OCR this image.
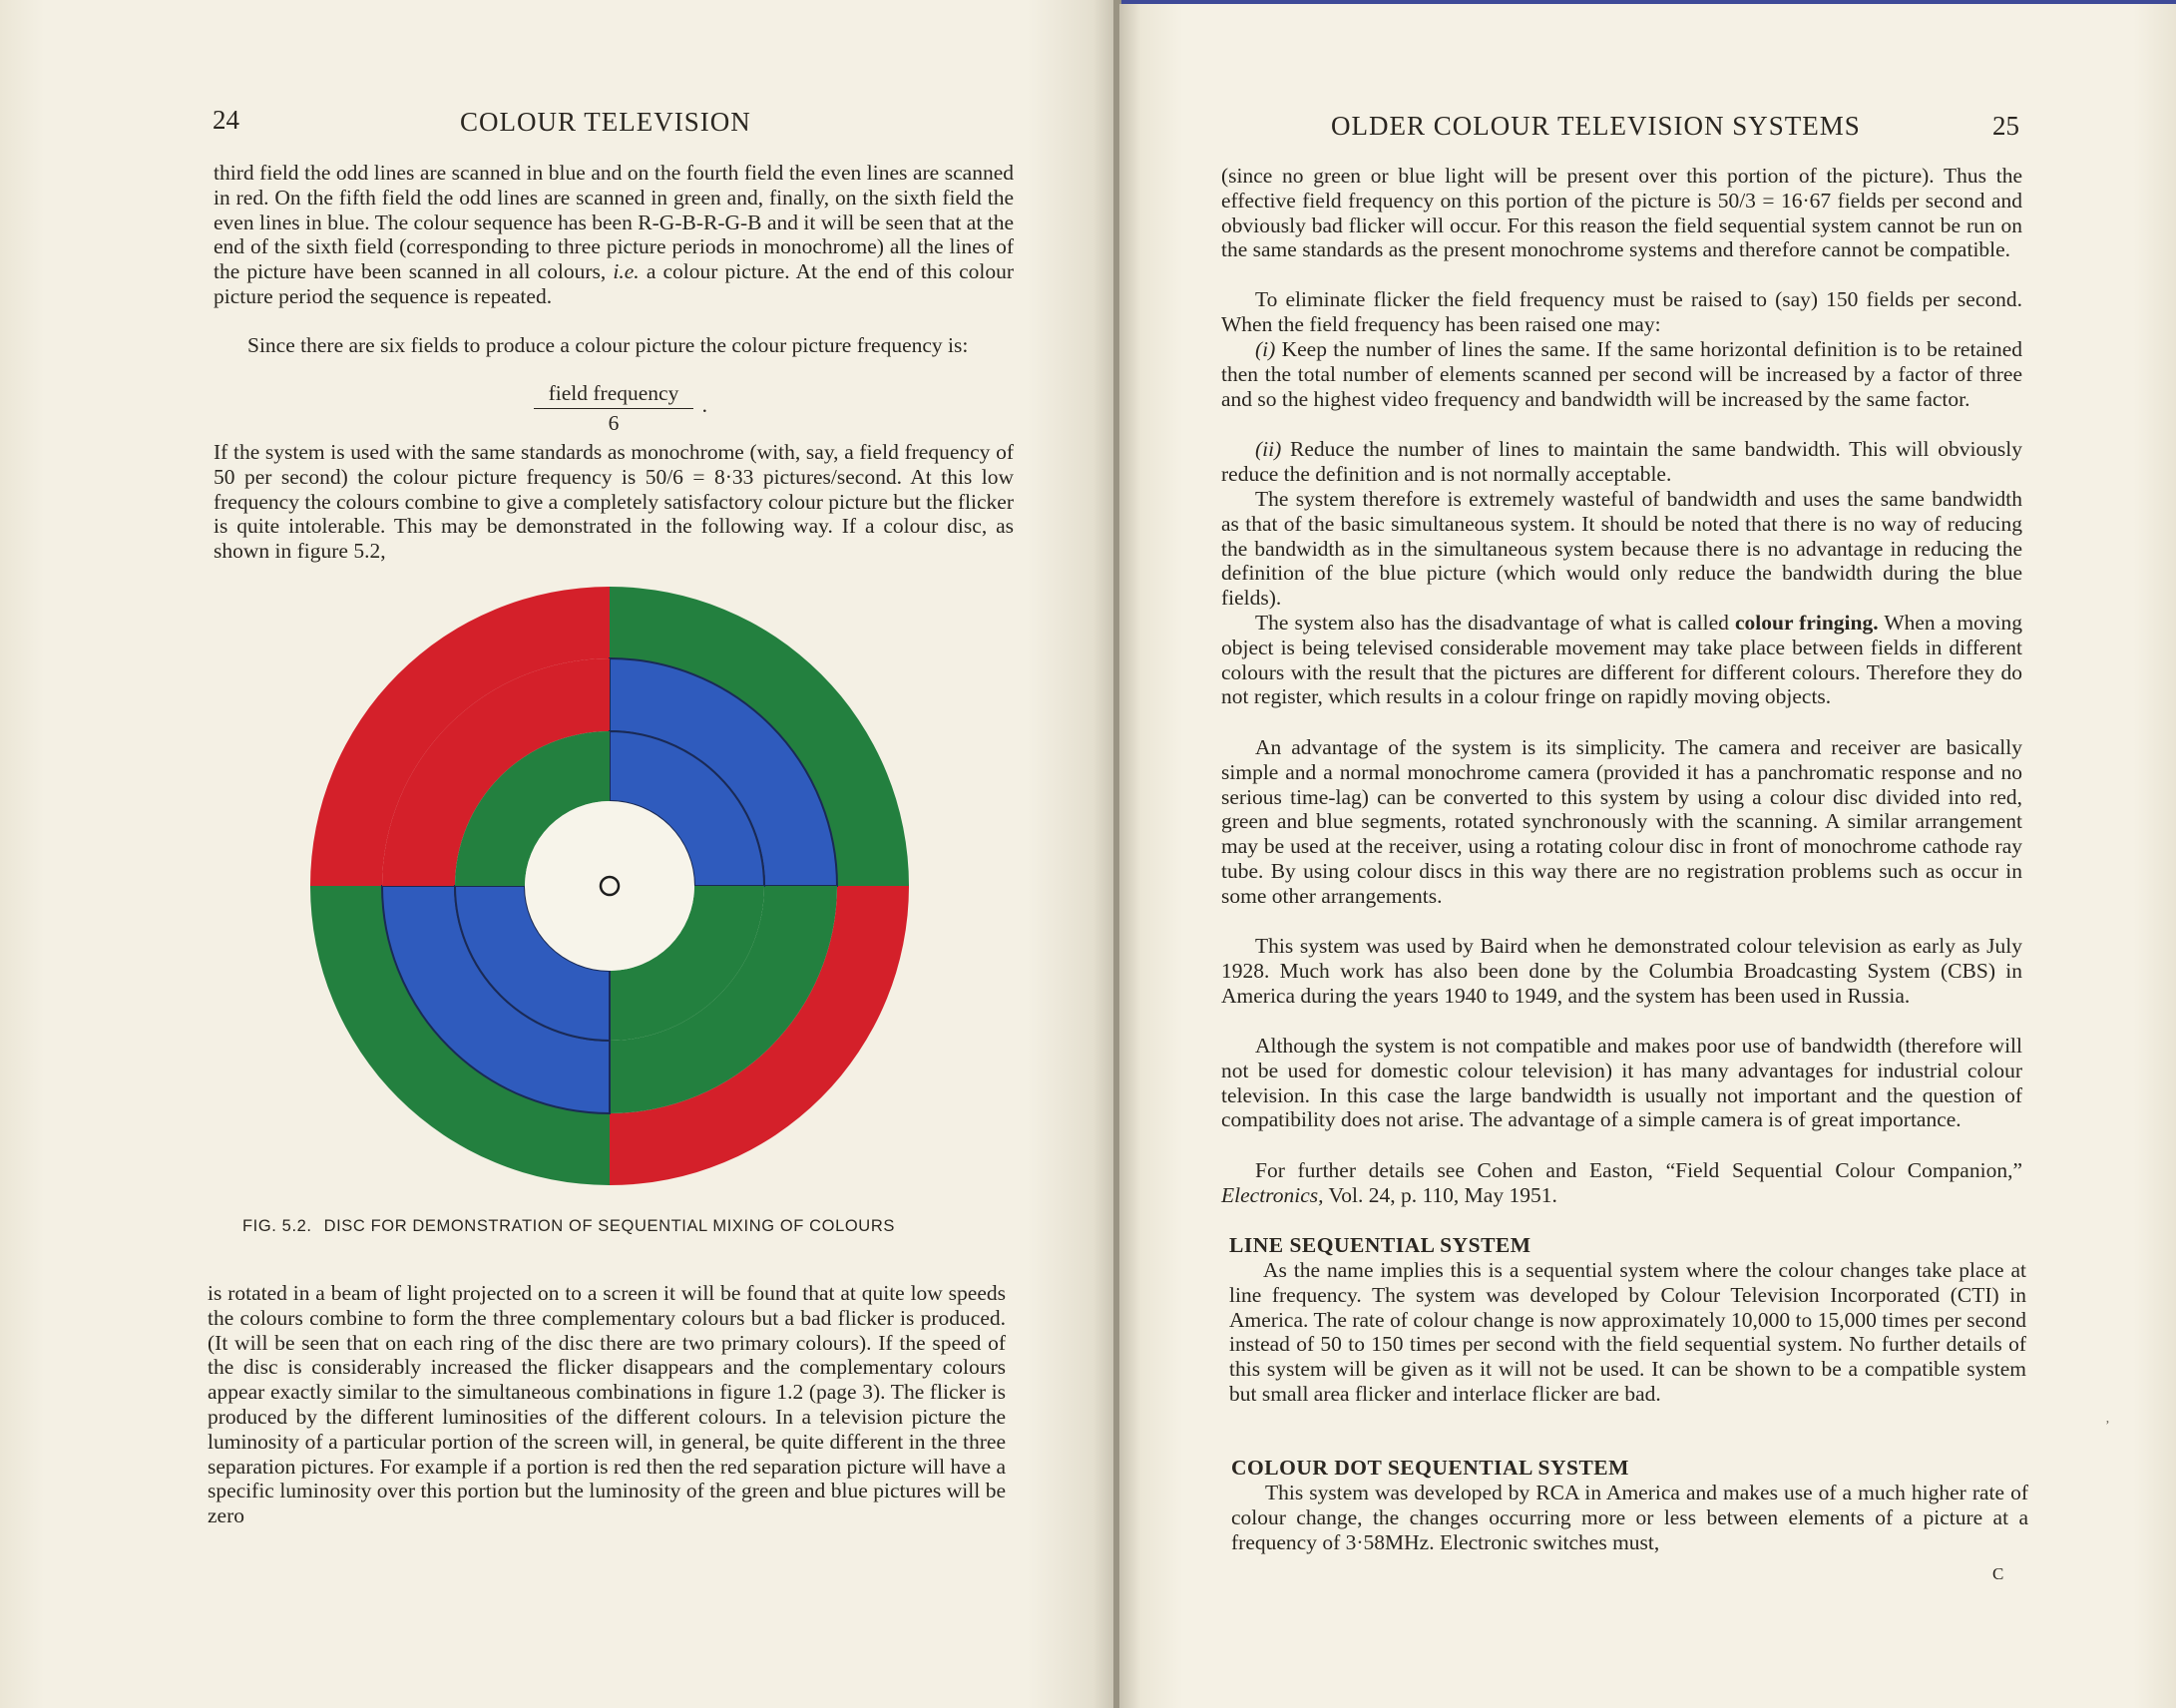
24	COLOUR TELEVISION

third field the odd lines are scanned in blue and on the fourth field the even lines are scanned in red. On the fifth field the odd lines are scanned in green and, finally, on the sixth field the even lines in blue. The colour sequence has been R-G-B-R-G-B and it will be seen that at the end of the sixth field (corresponding to three picture periods in monochrome) all the lines of the picture have been scanned in all colours, i.e. a colour picture. At the end of this colour picture period the sequence is repeated.

Since there are six fields to produce a colour picture the colour picture frequency is:

field frequency
6
.

If the system is used with the same standards as monochrome (with, say, a field frequency of 50 per second) the colour picture frequency is 50/6 = 8·33 pictures/second. At this low frequency the colours combine to give a completely satisfactory colour picture but the flicker is quite intolerable. This may be demonstrated in the following way. If a colour disc, as shown in figure 5.2,

FIG. 5.2. DISC FOR DEMONSTRATION OF SEQUENTIAL MIXING OF COLOURS

is rotated in a beam of light projected on to a screen it will be found that at quite low speeds the colours combine to form the three complementary colours but a bad flicker is produced. (It will be seen that on each ring of the disc there are two primary colours). If the speed of the disc is considerably increased the flicker disappears and the complementary colours appear exactly similar to the simultaneous combinations in figure 1.2 (page 3). The flicker is produced by the different luminosities of the different colours. In a television picture the luminosity of a particular portion of the screen will, in general, be quite different in the three separation pictures. For example if a portion is red then the red separation picture will have a specific luminosity over this portion but the luminosity of the green and blue pictures will be zero

OLDER COLOUR TELEVISION SYSTEMS	25

(since no green or blue light will be present over this portion of the picture). Thus the effective field frequency on this portion of the picture is 50/3 = 16·67 fields per second and obviously bad flicker will occur. For this reason the field sequential system cannot be run on the same standards as the present monochrome systems and therefore cannot be compatible.

To eliminate flicker the field frequency must be raised to (say) 150 fields per second. When the field frequency has been raised one may:

(i) Keep the number of lines the same. If the same horizontal definition is to be retained then the total number of elements scanned per second will be increased by a factor of three and so the highest video frequency and bandwidth will be increased by the same factor.

(ii) Reduce the number of lines to maintain the same bandwidth. This will obviously reduce the definition and is not normally acceptable.

The system therefore is extremely wasteful of bandwidth and uses the same bandwidth as that of the basic simultaneous system. It should be noted that there is no way of reducing the bandwidth as in the simultaneous system because there is no advantage in reducing the definition of the blue picture (which would only reduce the bandwidth during the blue fields).

The system also has the disadvantage of what is called colour fringing. When a moving object is being televised considerable movement may take place between fields in different colours with the result that the pictures are different for different colours. Therefore they do not register, which results in a colour fringe on rapidly moving objects.

An advantage of the system is its simplicity. The camera and receiver are basically simple and a normal monochrome camera (provided it has a panchromatic response and no serious time-lag) can be converted to this system by using a colour disc divided into red, green and blue segments, rotated synchronously with the scanning. A similar arrangement may be used at the receiver, using a rotating colour disc in front of monochrome cathode ray tube. By using colour discs in this way there are no registration problems such as occur in some other arrangements.

This system was used by Baird when he demonstrated colour television as early as July 1928. Much work has also been done by the Columbia Broadcasting System (CBS) in America during the years 1940 to 1949, and the system has been used in Russia.

Although the system is not compatible and makes poor use of bandwidth (therefore will not be used for domestic colour television) it has many advantages for industrial colour television. In this case the large bandwidth is usually not important and the question of compatibility does not arise. The advantage of a simple camera is of great importance.

For further details see Cohen and Easton, “Field Sequential Colour Companion,” Electronics, Vol. 24, p. 110, May 1951.

LINE SEQUENTIAL SYSTEM

As the name implies this is a sequential system where the colour changes take place at line frequency. The system was developed by Colour Television Incorporated (CTI) in America. The rate of colour change is now approximately 10,000 to 15,000 times per second instead of 50 to 150 times per second with the field sequential system. No further details of this system will be given as it will not be used. It can be shown to be a compatible system but small area flicker and interlace flicker are bad.

COLOUR DOT SEQUENTIAL SYSTEM

This system was developed by RCA in America and makes use of a much higher rate of colour change, the changes occurring more or less between elements of a picture at a frequency of 3·58MHz. Electronic switches must,

C
’
